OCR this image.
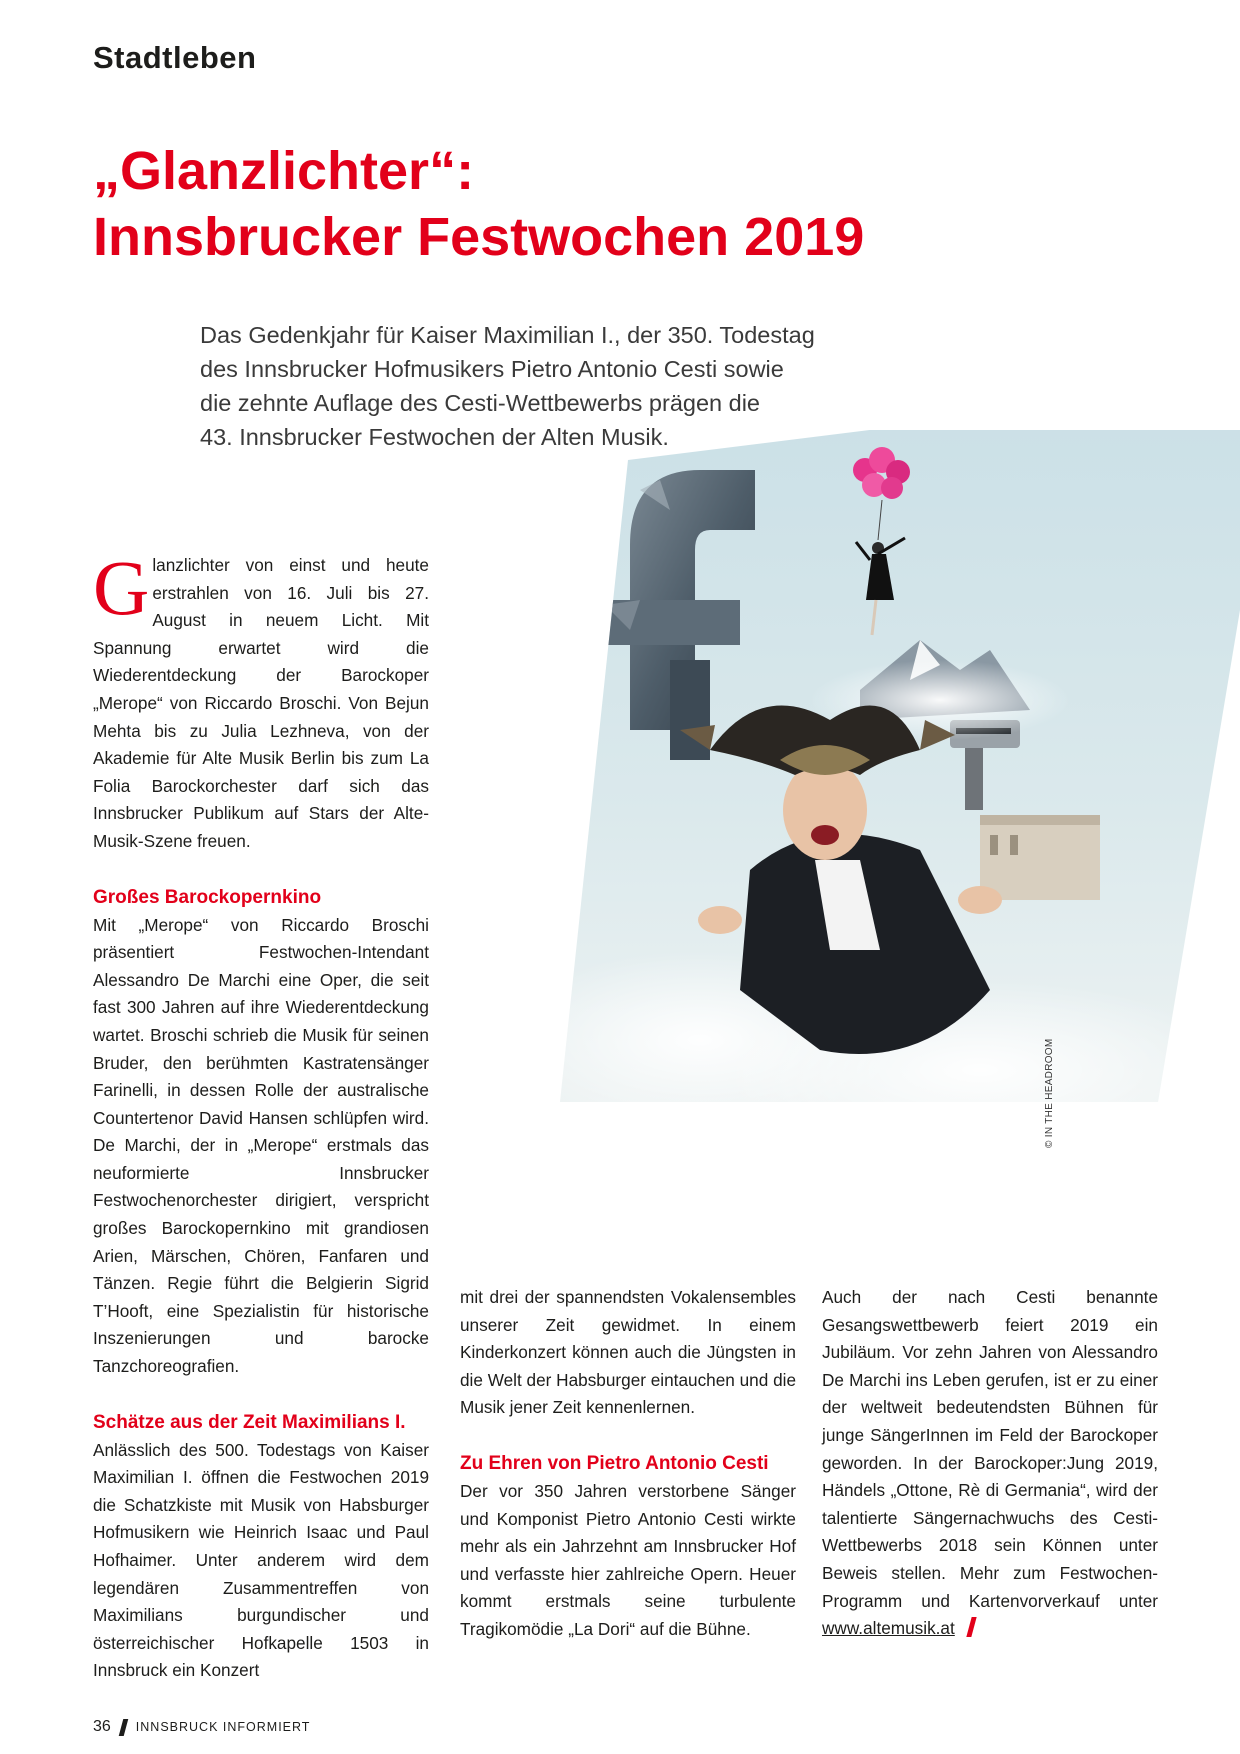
Stadtleben
„Glanzlichter“:
Innsbrucker Festwochen 2019

Das Gedenkjahr für Kaiser Maximilian I., der 350. Todestag
des Innsbrucker Hofmusikers Pietro Antonio Cesti sowie
die zehnte Auflage des Cesti-Wettbewerbs prägen die
43. Innsbrucker Festwochen der Alten Musik.

© IN THE HEADROOM

Glanzlichter von einst und heute erstrahlen von 16. Juli bis 27. August in neuem Licht. Mit Spannung erwartet wird die Wiederentdeckung der Barockoper „Merope“ von Riccardo Broschi. Von Bejun Mehta bis zu Julia Lezhneva, von der Akademie für Alte Musik Berlin bis zum La Folia Barockorchester darf sich das Innsbrucker Publikum auf Stars der Alte-Musik-Szene freuen.

Großes Barockopernkino

Mit „Merope“ von Riccardo Broschi präsentiert Festwochen-Intendant Alessandro De Marchi eine Oper, die seit fast 300 Jahren auf ihre Wiederentdeckung wartet. Broschi schrieb die Musik für seinen Bruder, den berühmten Kastratensänger Farinelli, in dessen Rolle der australische Countertenor David Hansen schlüpfen wird. De Marchi, der in „Merope“ erstmals das neuformierte Innsbrucker Festwochenorchester dirigiert, verspricht großes Barockopernkino mit grandiosen Arien, Märschen, Chören, Fanfaren und Tänzen. Regie führt die Belgierin Sigrid T’Hooft, eine Spezialistin für historische Inszenierungen und barocke Tanzchoreografien.

Schätze aus der Zeit Maximilians I.

Anlässlich des 500. Todestags von Kaiser Maximilian I. öffnen die Festwochen 2019 die Schatzkiste mit Musik von Habsburger Hofmusikern wie Heinrich Isaac und Paul Hofhaimer. Unter anderem wird dem legendären Zusammentreffen von Maximilians burgundischer und österreichischer Hofkapelle 1503 in Innsbruck ein Konzert

mit drei der spannendsten Vokalensembles unserer Zeit gewidmet. In einem Kinderkonzert können auch die Jüngsten in die Welt der Habsburger eintauchen und die Musik jener Zeit kennenlernen.

Zu Ehren von Pietro Antonio Cesti

Der vor 350 Jahren verstorbene Sänger und Komponist Pietro Antonio Cesti wirkte mehr als ein Jahrzehnt am Innsbrucker Hof und verfasste hier zahlreiche Opern. Heuer kommt erstmals seine turbulente Tragikomödie „La Dori“ auf die Bühne.

Auch der nach Cesti benannte Gesangswettbewerb feiert 2019 ein Jubiläum. Vor zehn Jahren von Alessandro De Marchi ins Leben gerufen, ist er zu einer der weltweit bedeutendsten Bühnen für junge SängerInnen im Feld der Barockoper geworden. In der Barockoper:Jung 2019, Händels „Ottone, Rè di Germania“, wird der talentierte Sängernachwuchs des Cesti-Wettbewerbs 2018 sein Können unter Beweis stellen. Mehr zum Festwochen-Programm und Kartenvorverkauf unter www.altemusik.at

36 INNSBRUCK INFORMIERT
